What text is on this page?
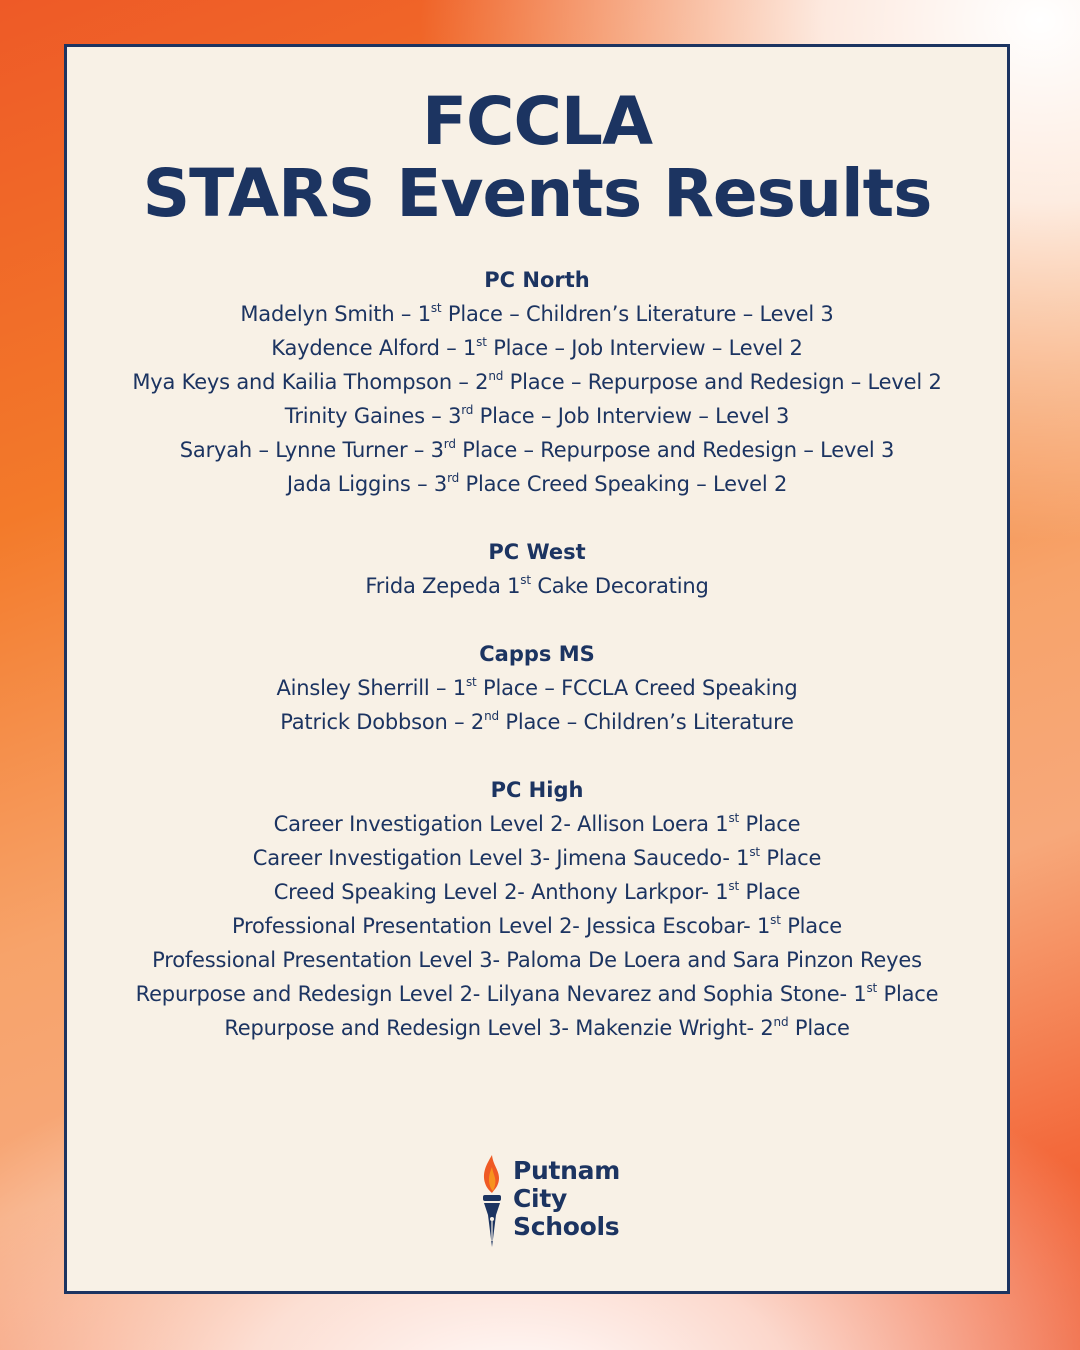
FCCLA
STARS Events Results

PC North

Madelyn Smith – 1st Place – Children’s Literature – Level 3

Kaydence Alford – 1st Place – Job Interview – Level 2

Mya Keys and Kailia Thompson – 2nd Place – Repurpose and Redesign – Level 2

Trinity Gaines – 3rd Place – Job Interview – Level 3

Saryah – Lynne Turner – 3rd Place – Repurpose and Redesign – Level 3

Jada Liggins – 3rd Place Creed Speaking – Level 2

PC West

Frida Zepeda 1st Cake Decorating

Capps MS

Ainsley Sherrill – 1st Place – FCCLA Creed Speaking

Patrick Dobbson – 2nd Place – Children’s Literature

PC High

Career Investigation Level 2- Allison Loera 1st Place

Career Investigation Level 3- Jimena Saucedo- 1st Place

Creed Speaking Level 2- Anthony Larkpor- 1st Place

Professional Presentation Level 2- Jessica Escobar- 1st Place

Professional Presentation Level 3- Paloma De Loera and Sara Pinzon Reyes

Repurpose and Redesign Level 2- Lilyana Nevarez and Sophia Stone- 1st Place

Repurpose and Redesign Level 3- Makenzie Wright- 2nd Place

Putnam
City
Schools
